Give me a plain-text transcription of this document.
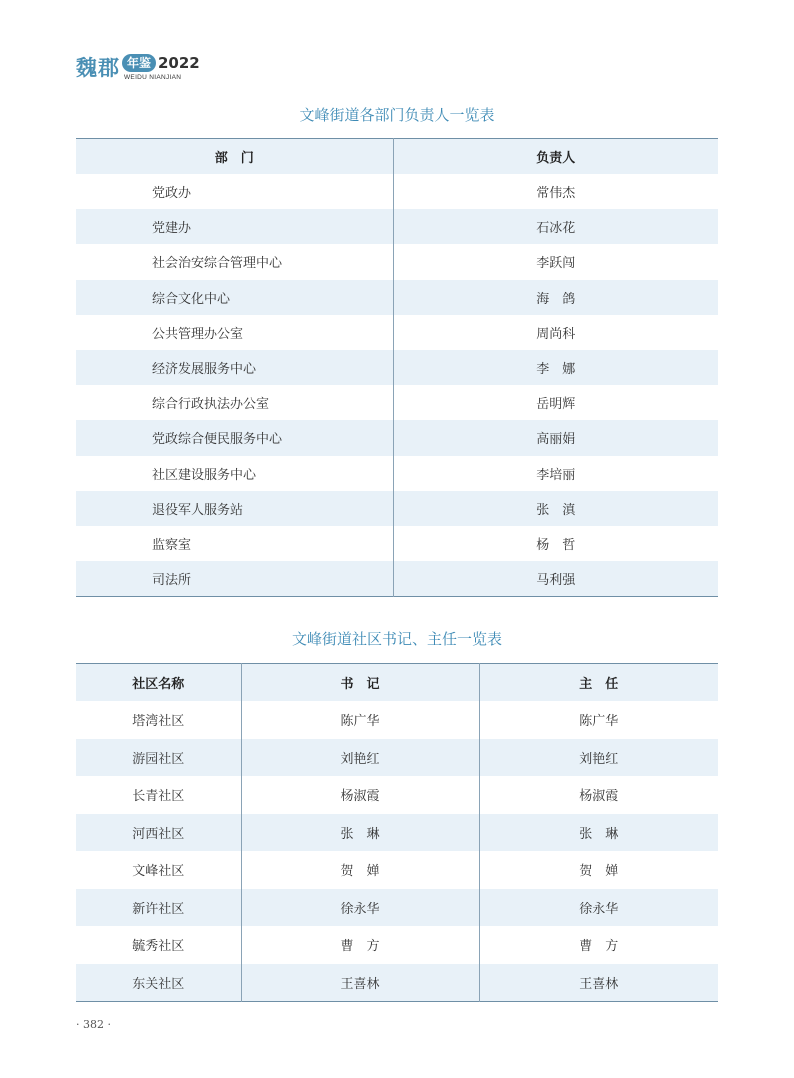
魏郡 年鉴 2022
WEIDU NIANJIAN
文峰街道各部门负责人一览表
部　门	负责人
党政办	常伟杰
党建办	石冰花
社会治安综合管理中心	李跃闯
综合文化中心	海　鸽
公共管理办公室	周尚科
经济发展服务中心	李　娜
综合行政执法办公室	岳明辉
党政综合便民服务中心	高丽娟
社区建设服务中心	李培丽
退役军人服务站	张　滇
监察室	杨　哲
司法所	马利强
文峰街道社区书记、主任一览表
社区名称	书　记	主　任
塔湾社区	陈广华	陈广华
游园社区	刘艳红	刘艳红
长青社区	杨淑霞	杨淑霞
河西社区	张　琳	张　琳
文峰社区	贺　婵	贺　婵
新许社区	徐永华	徐永华
毓秀社区	曹　方	曹　方
东关社区	王喜林	王喜林
· 382 ·
